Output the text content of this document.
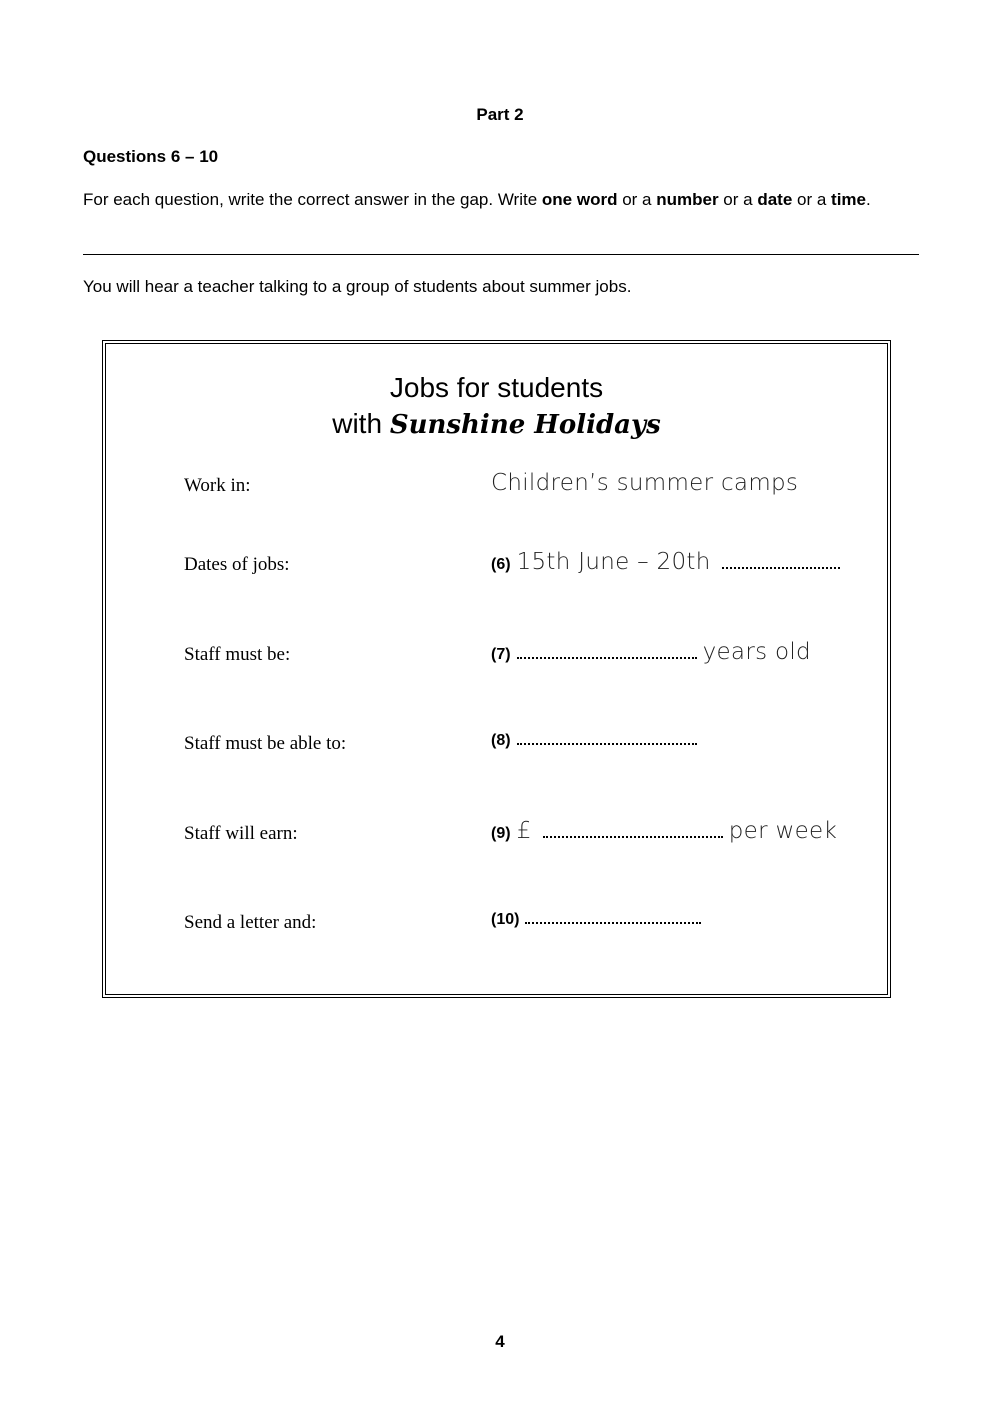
Part 2
Questions 6 – 10
For each question, write the correct answer in the gap. Write one word or a number or a date or a time.
You will hear a teacher talking to a group of students about summer jobs.
Jobs for students
with Sunshine Holidays
Work in:	Children’s summer camps
Dates of jobs:	(6) 15th June – 20th
Staff must be:	(7)	years old
Staff must be able to:	(8)
Staff will earn:	(9) £	per week
Send a letter and:	(10)
4
